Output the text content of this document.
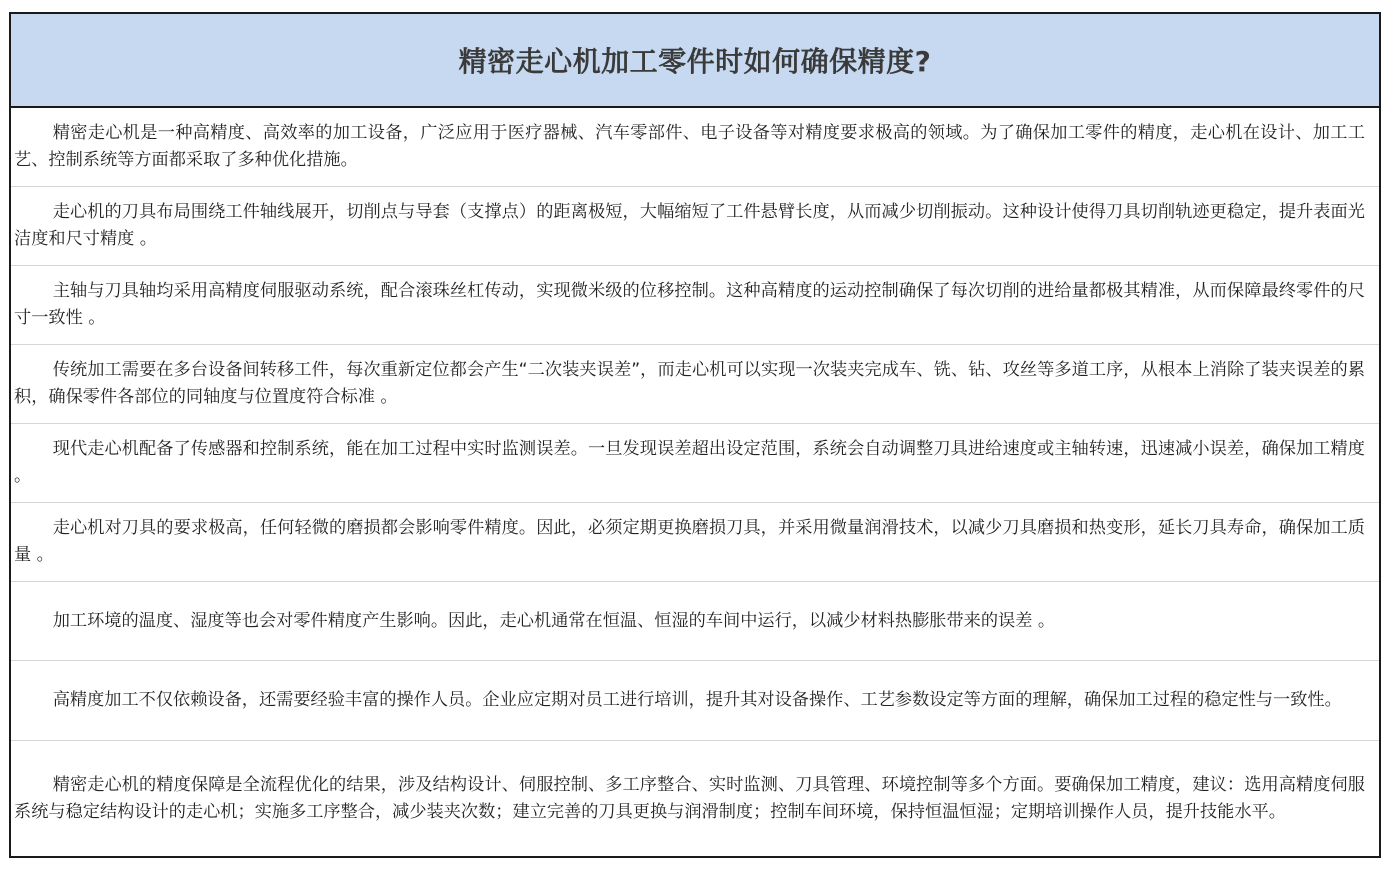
精密走心机加工零件时如何确保精度?

精密走心机是一种高精度、高效率的加工设备，广泛应用于医疗器械、汽车零部件、电子设备等对精度要求极高的领域。为了确保加工零件的精度，走心机在设计、加工工艺、控制系统等方面都采取了多种优化措施。

走心机的刀具布局围绕工件轴线展开，切削点与导套（支撑点）的距离极短，大幅缩短了工件悬臂长度，从而减少切削振动。这种设计使得刀具切削轨迹更稳定，提升表面光洁度和尺寸精度 。

主轴与刀具轴均采用高精度伺服驱动系统，配合滚珠丝杠传动，实现微米级的位移控制。这种高精度的运动控制确保了每次切削的进给量都极其精准，从而保障最终零件的尺寸一致性 。

传统加工需要在多台设备间转移工件，每次重新定位都会产生“二次装夹误差”，而走心机可以实现一次装夹完成车、铣、钻、攻丝等多道工序，从根本上消除了装夹误差的累积，确保零件各部位的同轴度与位置度符合标准 。

现代走心机配备了传感器和控制系统，能在加工过程中实时监测误差。一旦发现误差超出设定范围，系统会自动调整刀具进给速度或主轴转速，迅速减小误差，确保加工精度 。

走心机对刀具的要求极高，任何轻微的磨损都会影响零件精度。因此，必须定期更换磨损刀具，并采用微量润滑技术，以减少刀具磨损和热变形，延长刀具寿命，确保加工质量 。

加工环境的温度、湿度等也会对零件精度产生影响。因此，走心机通常在恒温、恒湿的车间中运行，以减少材料热膨胀带来的误差 。

高精度加工不仅依赖设备，还需要经验丰富的操作人员。企业应定期对员工进行培训，提升其对设备操作、工艺参数设定等方面的理解，确保加工过程的稳定性与一致性。

精密走心机的精度保障是全流程优化的结果，涉及结构设计、伺服控制、多工序整合、实时监测、刀具管理、环境控制等多个方面。要确保加工精度，建议：选用高精度伺服系统与稳定结构设计的走心机；实施多工序整合，减少装夹次数；建立完善的刀具更换与润滑制度；控制车间环境，保持恒温恒湿；定期培训操作人员，提升技能水平。
